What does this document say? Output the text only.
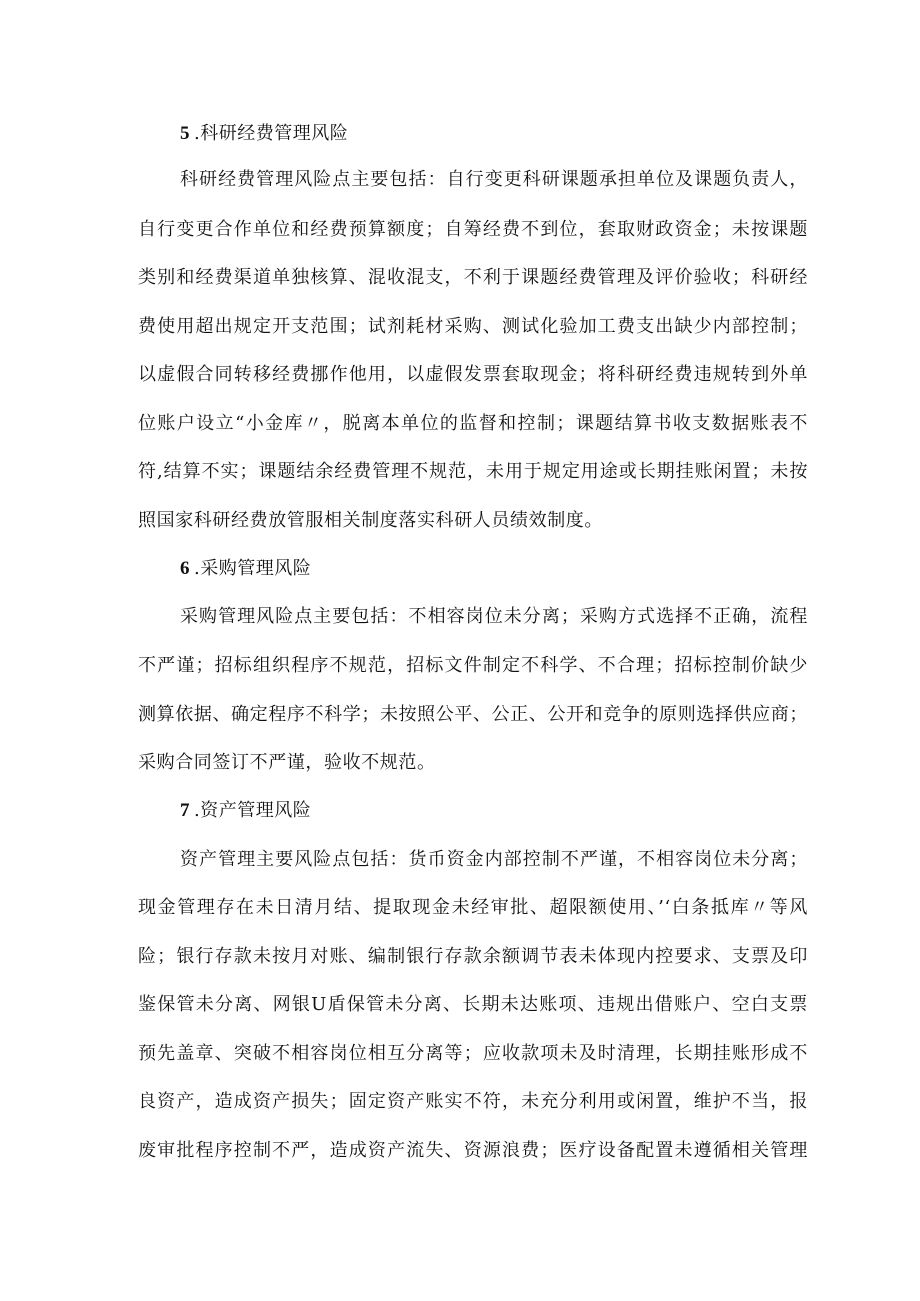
5 .科研经费管理风险
科研经费管理风险点主要包括：自行变更科研课题承担单位及课题负责人，
自行变更合作单位和经费预算额度；自筹经费不到位，套取财政资金；未按课题
类别和经费渠道单独核算、混收混支，不利于课题经费管理及评价验收；科研经
费使用超出规定开支范围；试剂耗材采购、测试化验加工费支出缺少内部控制；
以虚假合同转移经费挪作他用，以虚假发票套取现金；将科研经费违规转到外单
位账户设立“小金库〃，脱离本单位的监督和控制；课题结算书收支数据账表不
符,结算不实；课题结余经费管理不规范，未用于规定用途或长期挂账闲置；未按
照国家科研经费放管服相关制度落实科研人员绩效制度。
6 .采购管理风险
采购管理风险点主要包括：不相容岗位未分离；采购方式选择不正确，流程
不严谨；招标组织程序不规范，招标文件制定不科学、不合理；招标控制价缺少
测算依据、确定程序不科学；未按照公平、公正、公开和竞争的原则选择供应商；
采购合同签订不严谨，验收不规范。
7 .资产管理风险
资产管理主要风险点包括：货币资金内部控制不严谨，不相容岗位未分离；
现金管理存在未日清月结、提取现金未经审批、超限额使用、’‘白条抵库〃等风
险；银行存款未按月对账、编制银行存款余额调节表未体现内控要求、支票及印
鉴保管未分离、网银U盾保管未分离、长期未达账项、违规出借账户、空白支票
预先盖章、突破不相容岗位相互分离等；应收款项未及时清理，长期挂账形成不
良资产，造成资产损失；固定资产账实不符，未充分利用或闲置，维护不当，报
废审批程序控制不严，造成资产流失、资源浪费；医疗设备配置未遵循相关管理
